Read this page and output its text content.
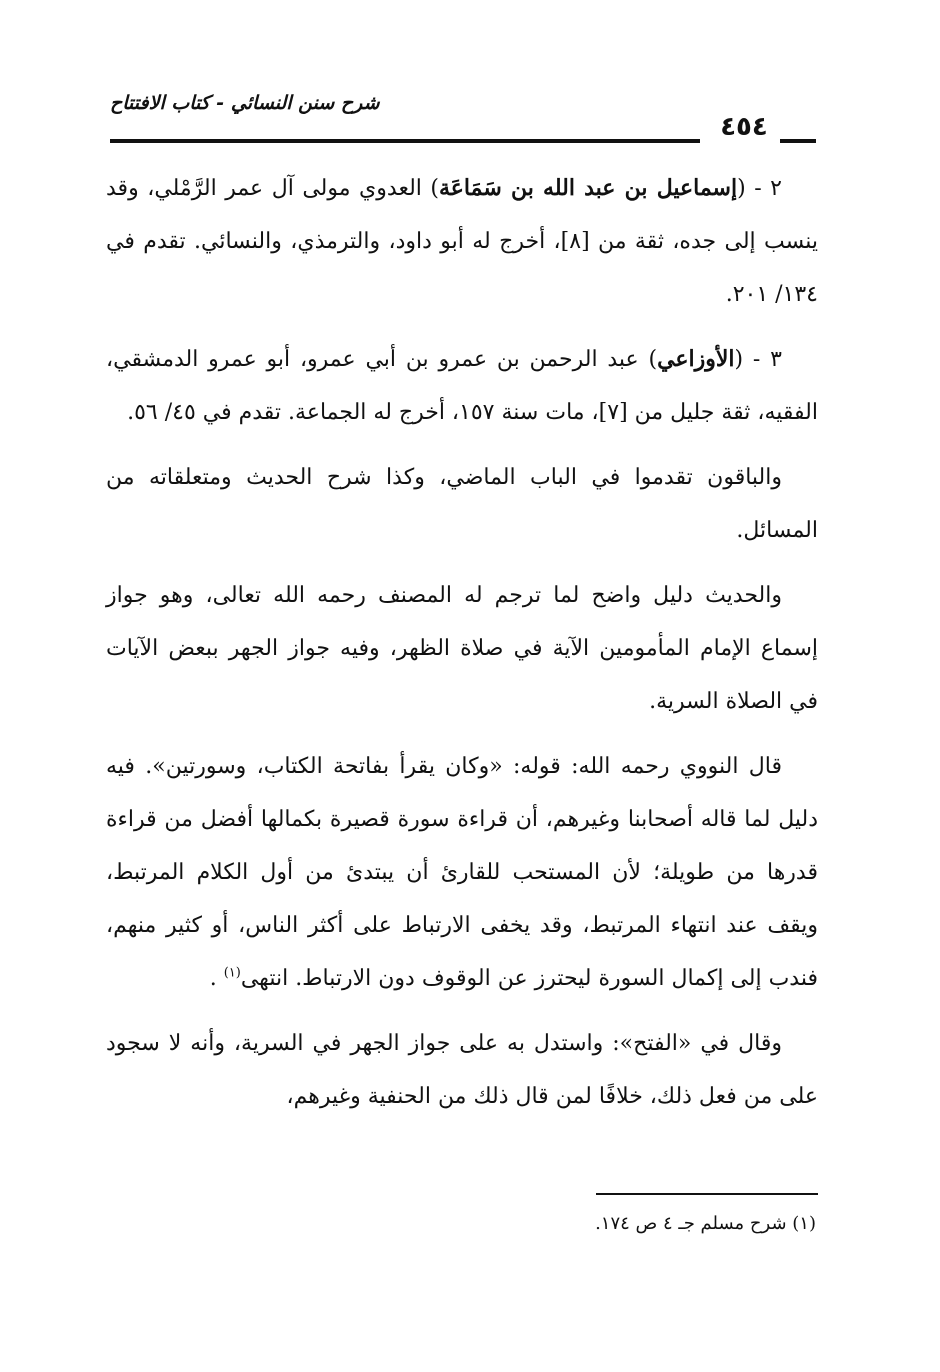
شرح سنن النسائي - كتاب الافتتاح
٤٥٤

٢ - (إسماعيل بن عبد الله بن سَمَاعَة) العدوي مولى آل عمر الرَّمْلي، وقد ينسب إلى جده، ثقة من [٨]، أخرج له أبو داود، والترمذي، والنسائي. تقدم في ١٣٤/ ٢٠١.

٣ - (الأوزاعي) عبد الرحمن بن عمرو بن أبي عمرو، أبو عمرو الدمشقي، الفقيه، ثقة جليل من [٧]، مات سنة ١٥٧، أخرج له الجماعة. تقدم في ٤٥/ ٥٦.

والباقون تقدموا في الباب الماضي، وكذا شرح الحديث ومتعلقاته من المسائل.

والحديث دليل واضح لما ترجم له المصنف رحمه الله تعالى، وهو جواز إسماع الإمام المأمومين الآية في صلاة الظهر، وفيه جواز الجهر ببعض الآيات في الصلاة السرية.

قال النووي رحمه الله: قوله: «وكان يقرأ بفاتحة الكتاب، وسورتين». فيه دليل لما قاله أصحابنا وغيرهم، أن قراءة سورة قصيرة بكمالها أفضل من قراءة قدرها من طويلة؛ لأن المستحب للقارئ أن يبتدئ من أول الكلام المرتبط، ويقف عند انتهاء المرتبط، وقد يخفى الارتباط على أكثر الناس، أو كثير منهم، فندب إلى إكمال السورة ليحترز عن الوقوف دون الارتباط. انتهى$^{(١)}$ .

وقال في «الفتح»: واستدل به على جواز الجهر في السرية، وأنه لا سجود على من فعل ذلك، خلافًا لمن قال ذلك من الحنفية وغيرهم،

(١) شرح مسلم جـ ٤ ص ١٧٤.
